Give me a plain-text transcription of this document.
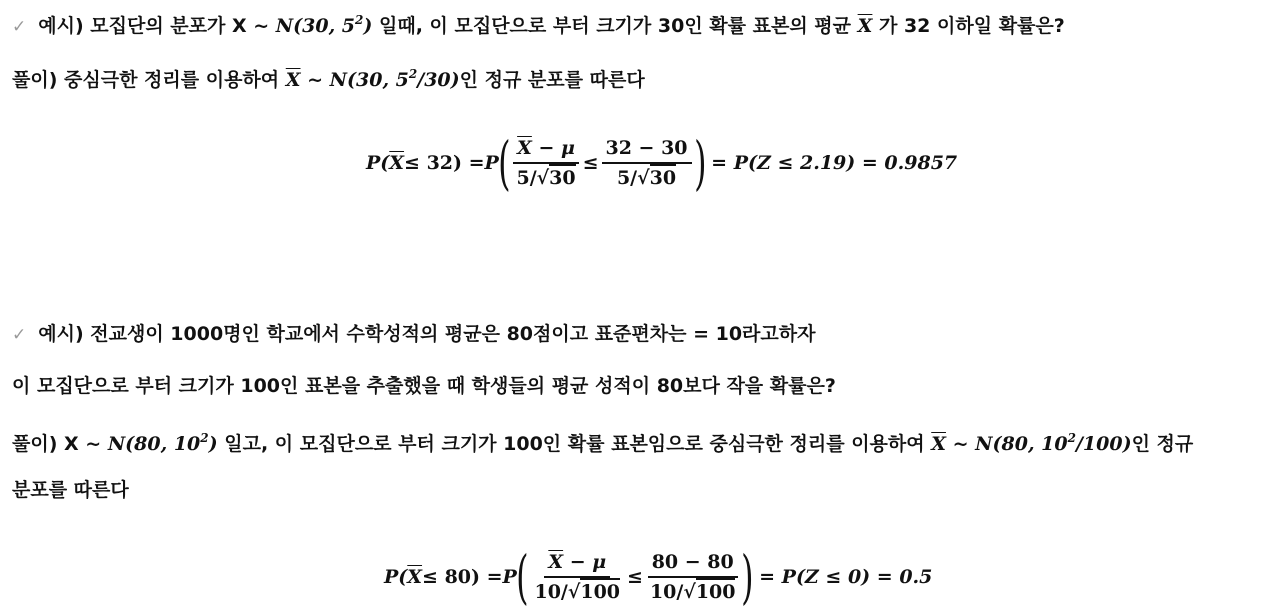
✓ 예시) 모집단의 분포가 X ~ N(30, $5^2$) 일때, 이 모집단으로 부터 크기가 30인 확률 표본의 평균 $\overline{X}$ 가 32 이하일 확률은?
풀이) 중심극한 정리를 이용하여 $\overline{X}$ ~ N(30, $5^2/30$)인 정규 분포를 따른다
P( $\overline{X} \le 32) = P$ ( $\frac{\overline{X} - \mu}{5/√30} \le \frac{32 - 30}{5/√30}$ ) = P(Z ≤ 2.19) = 0.9857
✓ 예시) 전교생이 1000명인 학교에서 수학성적의 평균은 80점이고 표준편차는 = 10라고하자
이 모집단으로 부터 크기가 100인 표본을 추출했을 때 학생들의 평균 성적이 80보다 작을 확률은?
풀이) X ~ N(80, $10^2$) 일고, 이 모집단으로 부터 크기가 100인 확률 표본임으로 중심극한 정리를 이용하여 $\overline{X}$ ~ N(80, $10^2/100$)인 정규
분포를 따른다
P( $\overline{X} \le 80) = P$ ( $\frac{\overline{X} - \mu}{10/√100} \le \frac{80 - 80}{10/√100}$ ) = P(Z ≤ 0) = 0.5
